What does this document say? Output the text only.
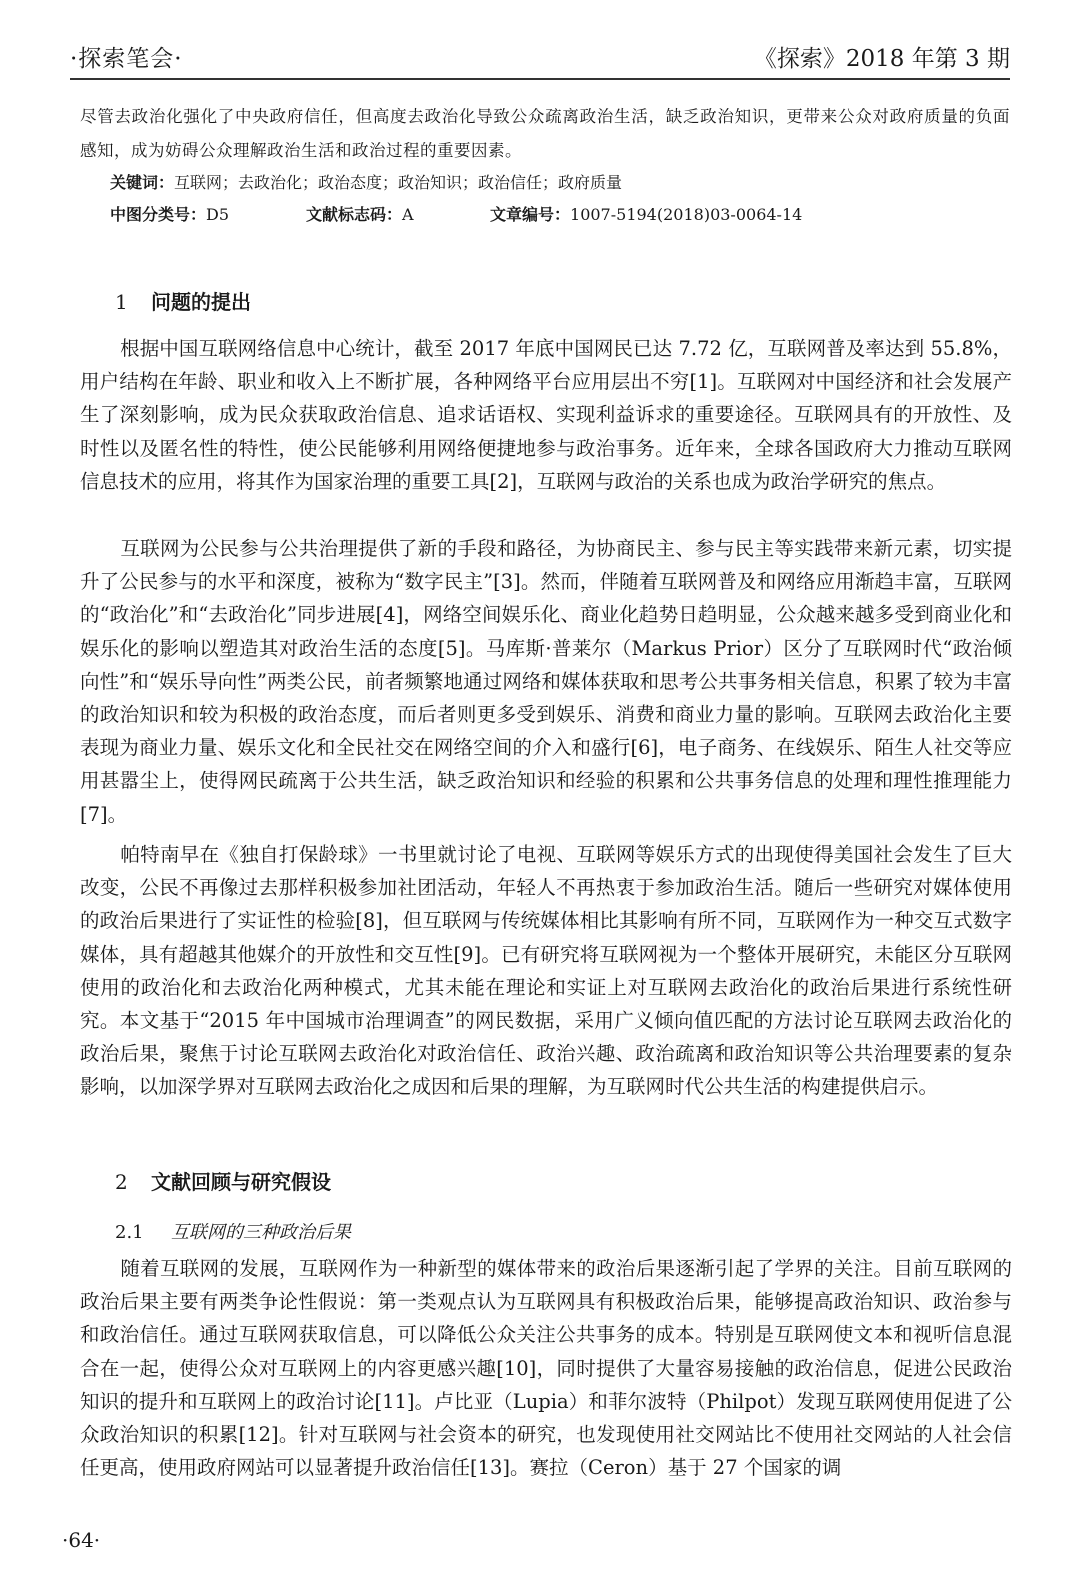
·探索笔会·	《探索》2018 年第 3 期
尽管去政治化强化了中央政府信任，但高度去政治化导致公众疏离政治生活，缺乏政治知识，更带来公众对政府质量的负面感知，成为妨碍公众理解政治生活和政治过程的重要因素。
关键词：互联网；去政治化；政治态度；政治知识；政治信任；政府质量
中图分类号：D5	文献标志码：A	文章编号：1007-5194(2018)03-0064-14
1 问题的提出

根据中国互联网络信息中心统计，截至 2017 年底中国网民已达 7.72 亿，互联网普及率达到 55.8%，用户结构在年龄、职业和收入上不断扩展，各种网络平台应用层出不穷[1]。互联网对中国经济和社会发展产生了深刻影响，成为民众获取政治信息、追求话语权、实现利益诉求的重要途径。互联网具有的开放性、及时性以及匿名性的特性，使公民能够利用网络便捷地参与政治事务。近年来，全球各国政府大力推动互联网信息技术的应用，将其作为国家治理的重要工具[2]，互联网与政治的关系也成为政治学研究的焦点。

互联网为公民参与公共治理提供了新的手段和路径，为协商民主、参与民主等实践带来新元素，切实提升了公民参与的水平和深度，被称为“数字民主”[3]。然而，伴随着互联网普及和网络应用渐趋丰富，互联网的“政治化”和“去政治化”同步进展[4]，网络空间娱乐化、商业化趋势日趋明显，公众越来越多受到商业化和娱乐化的影响以塑造其对政治生活的态度[5]。马库斯·普莱尔（Markus Prior）区分了互联网时代“政治倾向性”和“娱乐导向性”两类公民，前者频繁地通过网络和媒体获取和思考公共事务相关信息，积累了较为丰富的政治知识和较为积极的政治态度，而后者则更多受到娱乐、消费和商业力量的影响。互联网去政治化主要表现为商业力量、娱乐文化和全民社交在网络空间的介入和盛行[6]，电子商务、在线娱乐、陌生人社交等应用甚嚣尘上，使得网民疏离于公共生活，缺乏政治知识和经验的积累和公共事务信息的处理和理性推理能力[7]。

帕特南早在《独自打保龄球》一书里就讨论了电视、互联网等娱乐方式的出现使得美国社会发生了巨大改变，公民不再像过去那样积极参加社团活动，年轻人不再热衷于参加政治生活。随后一些研究对媒体使用的政治后果进行了实证性的检验[8]，但互联网与传统媒体相比其影响有所不同，互联网作为一种交互式数字媒体，具有超越其他媒介的开放性和交互性[9]。已有研究将互联网视为一个整体开展研究，未能区分互联网使用的政治化和去政治化两种模式，尤其未能在理论和实证上对互联网去政治化的政治后果进行系统性研究。本文基于“2015 年中国城市治理调查”的网民数据，采用广义倾向值匹配的方法讨论互联网去政治化的政治后果，聚焦于讨论互联网去政治化对政治信任、政治兴趣、政治疏离和政治知识等公共治理要素的复杂影响，以加深学界对互联网去政治化之成因和后果的理解，为互联网时代公共生活的构建提供启示。

2 文献回顾与研究假设
2.1 互联网的三种政治后果

随着互联网的发展，互联网作为一种新型的媒体带来的政治后果逐渐引起了学界的关注。目前互联网的政治后果主要有两类争论性假说：第一类观点认为互联网具有积极政治后果，能够提高政治知识、政治参与和政治信任。通过互联网获取信息，可以降低公众关注公共事务的成本。特别是互联网使文本和视听信息混合在一起，使得公众对互联网上的内容更感兴趣[10]，同时提供了大量容易接触的政治信息，促进公民政治知识的提升和互联网上的政治讨论[11]。卢比亚（Lupia）和菲尔波特（Philpot）发现互联网使用促进了公众政治知识的积累[12]。针对互联网与社会资本的研究，也发现使用社交网站比不使用社交网站的人社会信任更高，使用政府网站可以显著提升政治信任[13]。赛拉（Ceron）基于 27 个国家的调

·64·
